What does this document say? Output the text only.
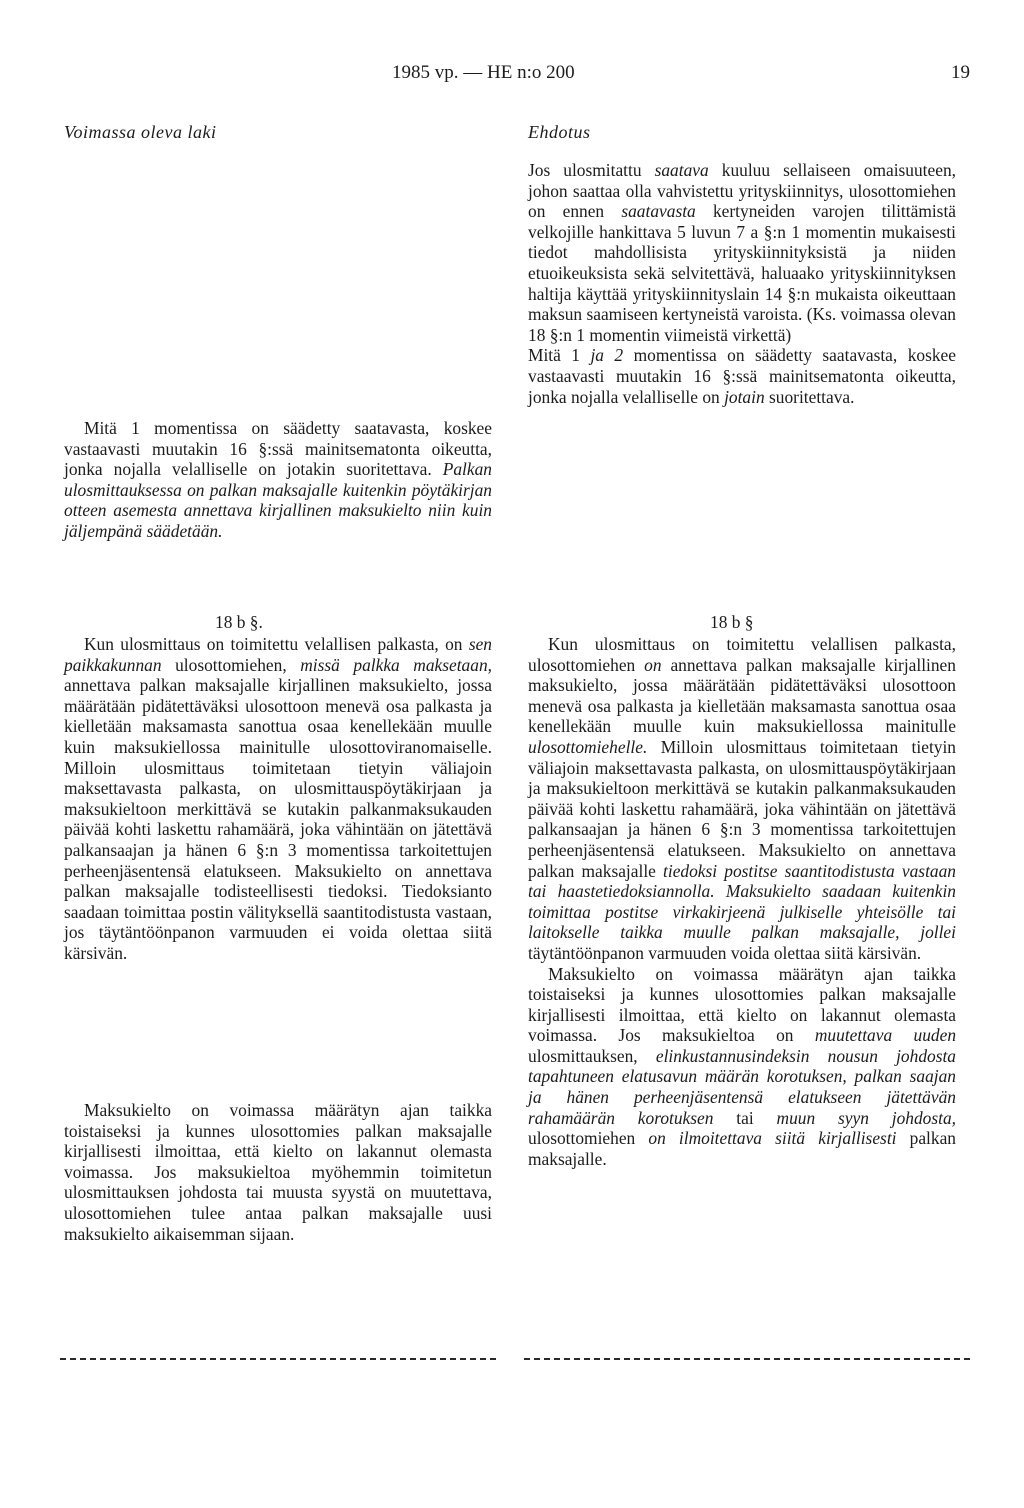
1985 vp. — HE n:o 200	19
Voimassa oleva laki	Ehdotus

Mitä 1 momentissa on säädetty saatavasta, koskee vastaavasti muutakin 16 §:ssä mainitsematonta oikeutta, jonka nojalla velalliselle on jotakin suoritettava. Palkan ulosmittauksessa on palkan maksajalle kuitenkin pöytäkirjan otteen asemesta annettava kirjallinen maksukielto niin kuin jäljempänä säädetään.

18 b §.

Kun ulosmittaus on toimitettu velallisen palkasta, on sen paikkakunnan ulosottomiehen, missä palkka maksetaan, annettava palkan maksajalle kirjallinen maksukielto, jossa määrätään pidätettäväksi ulosottoon menevä osa palkasta ja kielletään maksamasta sanottua osaa kenellekään muulle kuin maksukiellossa mainitulle ulosottoviranomaiselle. Milloin ulosmittaus toimitetaan tietyin väliajoin maksettavasta palkasta, on ulosmittauspöytäkirjaan ja maksukieltoon merkittävä se kutakin palkanmaksukauden päivää kohti laskettu rahamäärä, joka vähintään on jätettävä palkansaajan ja hänen 6 §:n 3 momentissa tarkoitettujen perheenjäsentensä elatukseen. Maksukielto on annettava palkan maksajalle todisteellisesti tiedoksi. Tiedoksianto saadaan toimittaa postin välityksellä saantitodistusta vastaan, jos täytäntöönpanon varmuuden ei voida olettaa siitä kärsivän.

Maksukielto on voimassa määrätyn ajan taikka toistaiseksi ja kunnes ulosottomies palkan maksajalle kirjallisesti ilmoittaa, että kielto on lakannut olemasta voimassa. Jos maksukieltoa myöhemmin toimitetun ulosmittauksen johdosta tai muusta syystä on muutettava, ulosottomiehen tulee antaa palkan maksajalle uusi maksukielto aikaisemman sijaan.

Jos ulosmitattu saatava kuuluu sellaiseen omaisuuteen, johon saattaa olla vahvistettu yrityskiinnitys, ulosottomiehen on ennen saatavasta kertyneiden varojen tilittämistä velkojille hankittava 5 luvun 7 a §:n 1 momentin mukaisesti tiedot mahdollisista yrityskiinnityksistä ja niiden etuoikeuksista sekä selvitettävä, haluaako yrityskiinnityksen haltija käyttää yrityskiinnityslain 14 §:n mukaista oikeuttaan maksun saamiseen kertyneistä varoista. (Ks. voimassa olevan 18 §:n 1 momentin viimeistä virkettä)

Mitä 1 ja 2 momentissa on säädetty saatavasta, koskee vastaavasti muutakin 16 §:ssä mainitsematonta oikeutta, jonka nojalla velalliselle on jotain suoritettava.

18 b §

Kun ulosmittaus on toimitettu velallisen palkasta, ulosottomiehen on annettava palkan maksajalle kirjallinen maksukielto, jossa määrätään pidätettäväksi ulosottoon menevä osa palkasta ja kielletään maksamasta sanottua osaa kenellekään muulle kuin maksukiellossa mainitulle ulosottomiehelle. Milloin ulosmittaus toimitetaan tietyin väliajoin maksettavasta palkasta, on ulosmittauspöytäkirjaan ja maksukieltoon merkittävä se kutakin palkanmaksukauden päivää kohti laskettu rahamäärä, joka vähintään on jätettävä palkansaajan ja hänen 6 §:n 3 momentissa tarkoitettujen perheenjäsentensä elatukseen. Maksukielto on annettava palkan maksajalle tiedoksi postitse saantitodistusta vastaan tai haastetiedoksiannolla. Maksukielto saadaan kuitenkin toimittaa postitse virkakirjeenä julkiselle yhteisölle tai laitokselle taikka muulle palkan maksajalle, jollei täytäntöönpanon varmuuden voida olettaa siitä kärsivän.

Maksukielto on voimassa määrätyn ajan taikka toistaiseksi ja kunnes ulosottomies palkan maksajalle kirjallisesti ilmoittaa, että kielto on lakannut olemasta voimassa. Jos maksukieltoa on muutettava uuden ulosmittauksen, elinkustannusindeksin nousun johdosta tapahtuneen elatusavun määrän korotuksen, palkan saajan ja hänen perheenjäsentensä elatukseen jätettävän rahamäärän korotuksen tai muun syyn johdosta, ulosottomiehen on ilmoitettava siitä kirjallisesti palkan maksajalle.
